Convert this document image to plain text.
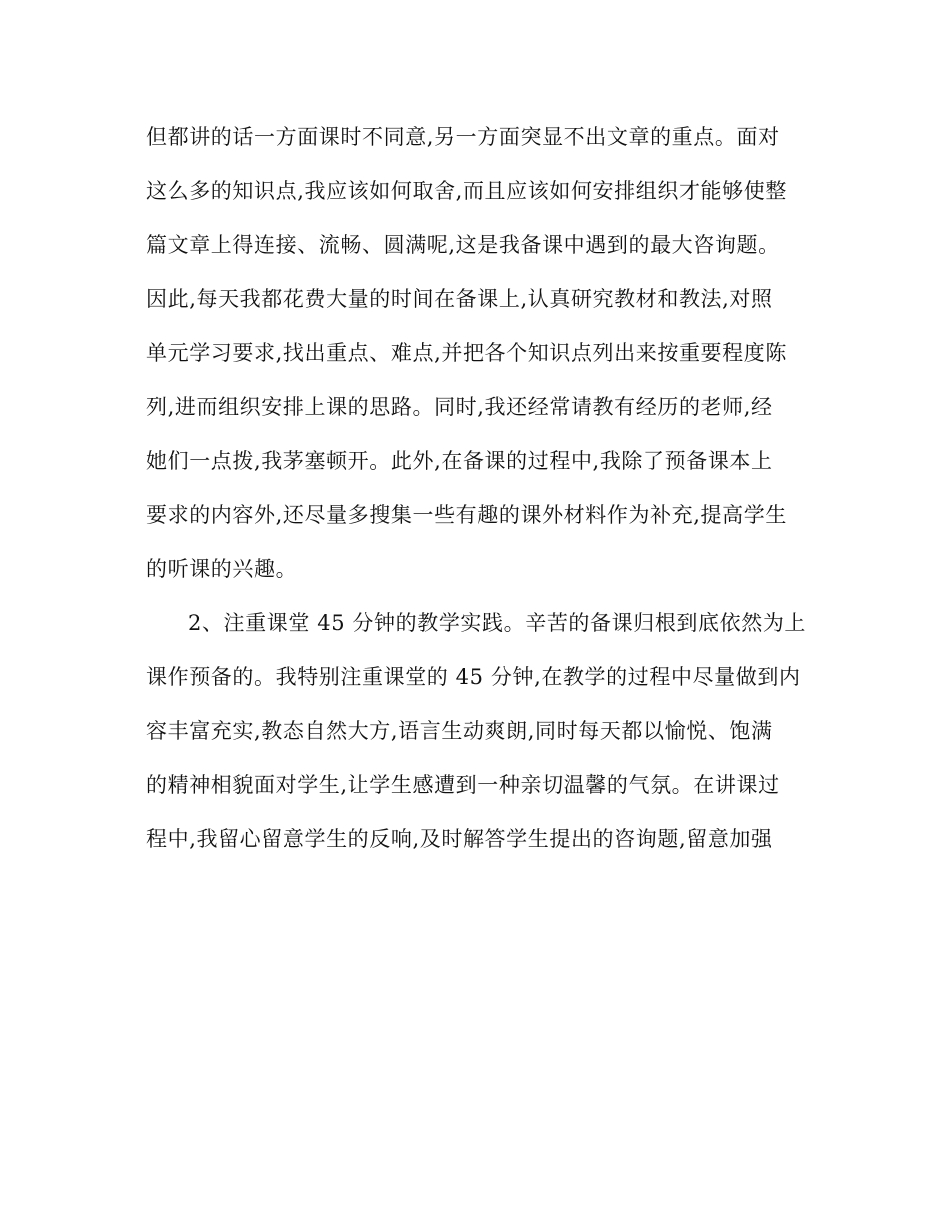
但都讲的话一方面课时不同意,另一方面突显不出文章的重点。面对
这么多的知识点,我应该如何取舍,而且应该如何安排组织才能够使整
篇文章上得连接、流畅、圆满呢,这是我备课中遇到的最大咨询题。
因此,每天我都花费大量的时间在备课上,认真研究教材和教法,对照
单元学习要求,找出重点、难点,并把各个知识点列出来按重要程度陈
列,进而组织安排上课的思路。同时,我还经常请教有经历的老师,经
她们一点拨,我茅塞顿开。此外,在备课的过程中,我除了预备课本上
要求的内容外,还尽量多搜集一些有趣的课外材料作为补充,提高学生
的听课的兴趣。
2、注重课堂 45 分钟的教学实践。辛苦的备课归根到底依然为上
课作预备的。我特别注重课堂的 45 分钟,在教学的过程中尽量做到内
容丰富充实,教态自然大方,语言生动爽朗,同时每天都以愉悦、饱满
的精神相貌面对学生,让学生感遭到一种亲切温馨的气氛。在讲课过
程中,我留心留意学生的反响,及时解答学生提出的咨询题,留意加强
